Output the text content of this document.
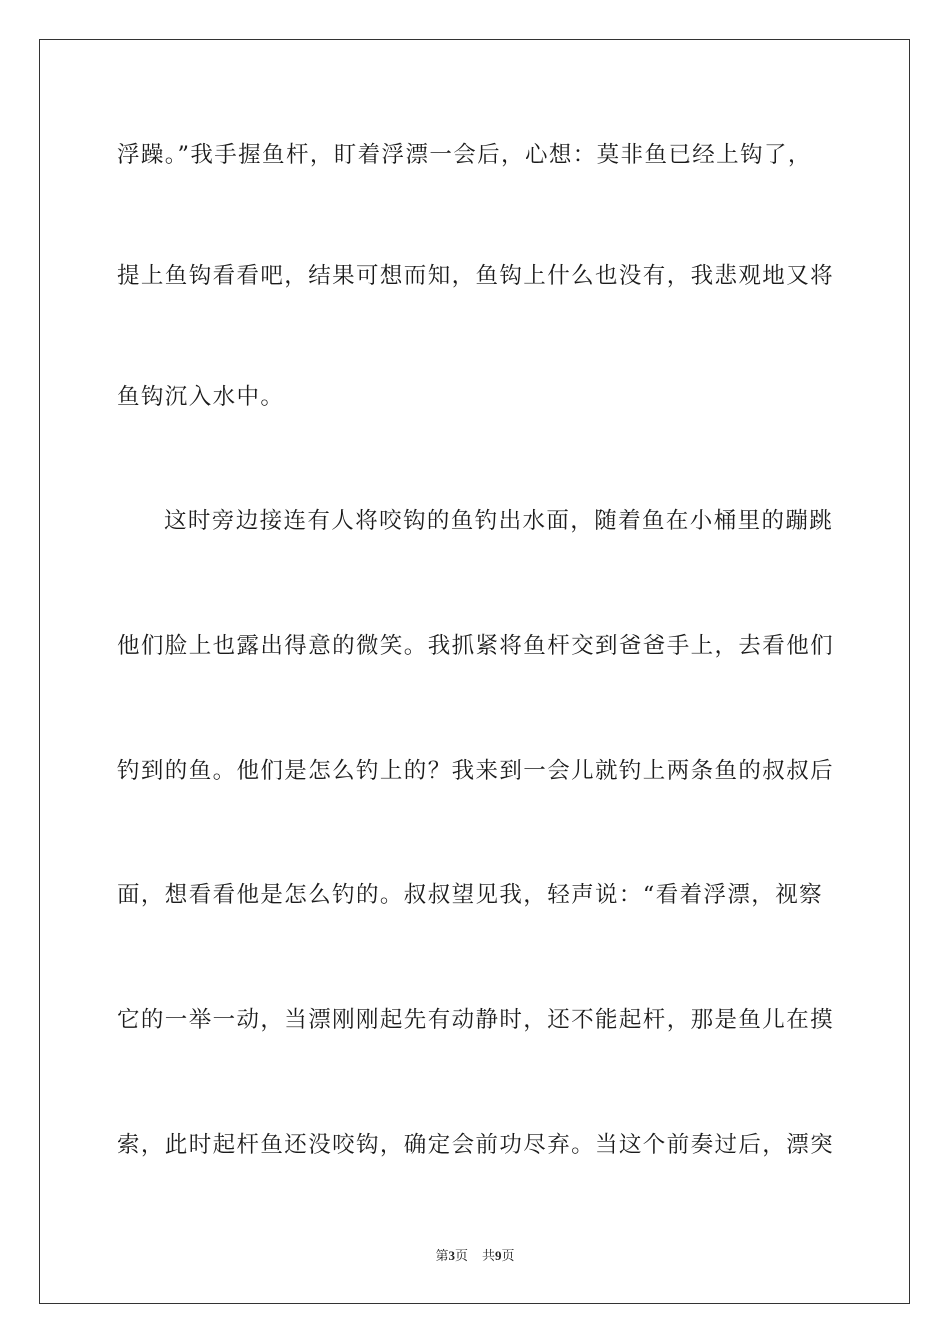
浮躁。”我手握鱼杆，盯着浮漂一会后，心想：莫非鱼已经上钩了，
提上鱼钩看看吧，结果可想而知，鱼钩上什么也没有，我悲观地又将
鱼钩沉入水中。
这时旁边接连有人将咬钩的鱼钓出水面，随着鱼在小桶里的蹦跳
他们脸上也露出得意的微笑。我抓紧将鱼杆交到爸爸手上，去看他们
钓到的鱼。他们是怎么钓上的？我来到一会儿就钓上两条鱼的叔叔后
面，想看看他是怎么钓的。叔叔望见我，轻声说：“看着浮漂，视察
它的一举一动，当漂刚刚起先有动静时，还不能起杆，那是鱼儿在摸
索，此时起杆鱼还没咬钩，确定会前功尽弃。当这个前奏过后，漂突
第3页 共9页
